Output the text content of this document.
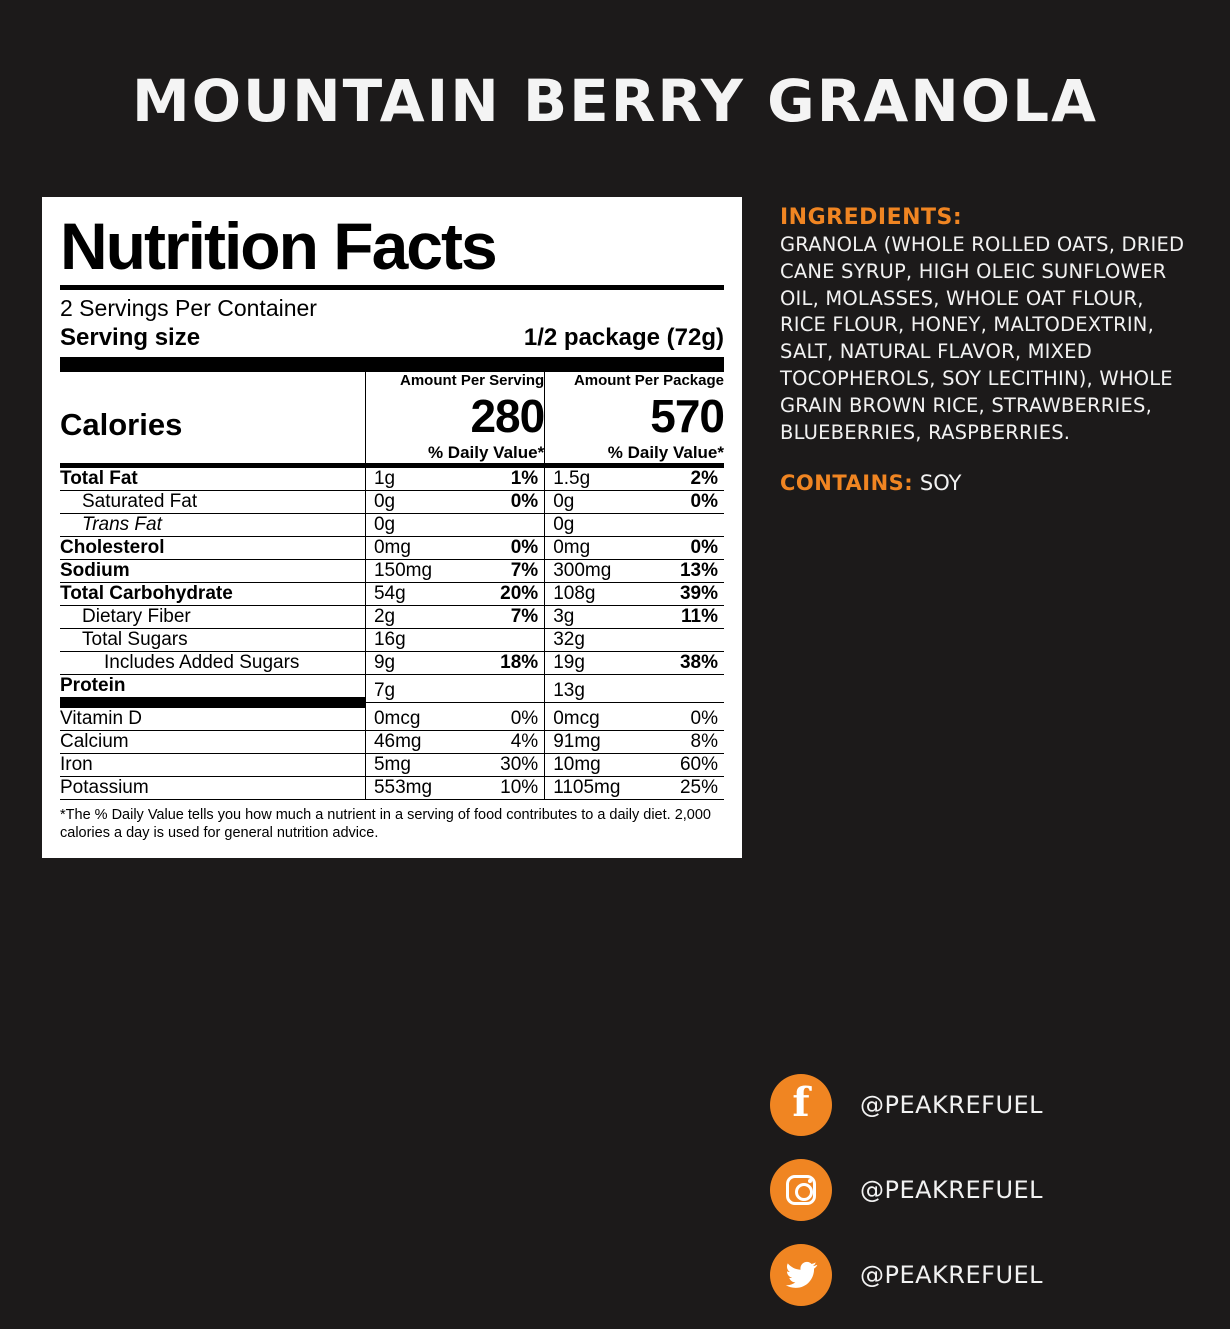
MOUNTAIN BERRY GRANOLA
Nutrition Facts
2 Servings Per Container
Serving size	1/2 package (72g)
	Amount Per Serving		Amount Per Package	
Calories	280		570	
	% Daily Value*		% Daily Value*	
Total Fat	1g	1%	1.5g	2%
Saturated Fat	0g	0%	0g	0%
Trans Fat	0g		0g	
Cholesterol	0mg	0%	0mg	0%
Sodium	150mg	7%	300mg	13%
Total Carbohydrate	54g	20%	108g	39%
Dietary Fiber	2g	7%	3g	11%
Total Sugars	16g		32g	
Includes Added Sugars	9g	18%	19g	38%
Protein	7g		13g	
Vitamin D	0mcg	0%	0mcg	0%
Calcium	46mg	4%	91mg	8%
Iron	5mg	30%	10mg	60%
Potassium	553mg	10%	1105mg	25%
*The % Daily Value tells you how much a nutrient in a serving of food contributes to a daily diet. 2,000 calories a day is used for general nutrition advice.
INGREDIENTS:
GRANOLA (WHOLE ROLLED OATS, DRIED CANE SYRUP, HIGH OLEIC SUNFLOWER OIL, MOLASSES, WHOLE OAT FLOUR, RICE FLOUR, HONEY, MALTODEXTRIN, SALT, NATURAL FLAVOR, MIXED TOCOPHEROLS, SOY LECITHIN), WHOLE GRAIN BROWN RICE, STRAWBERRIES, BLUEBERRIES, RASPBERRIES.
CONTAINS: SOY
f @PEAKREFUEL
@PEAKREFUEL
@PEAKREFUEL
